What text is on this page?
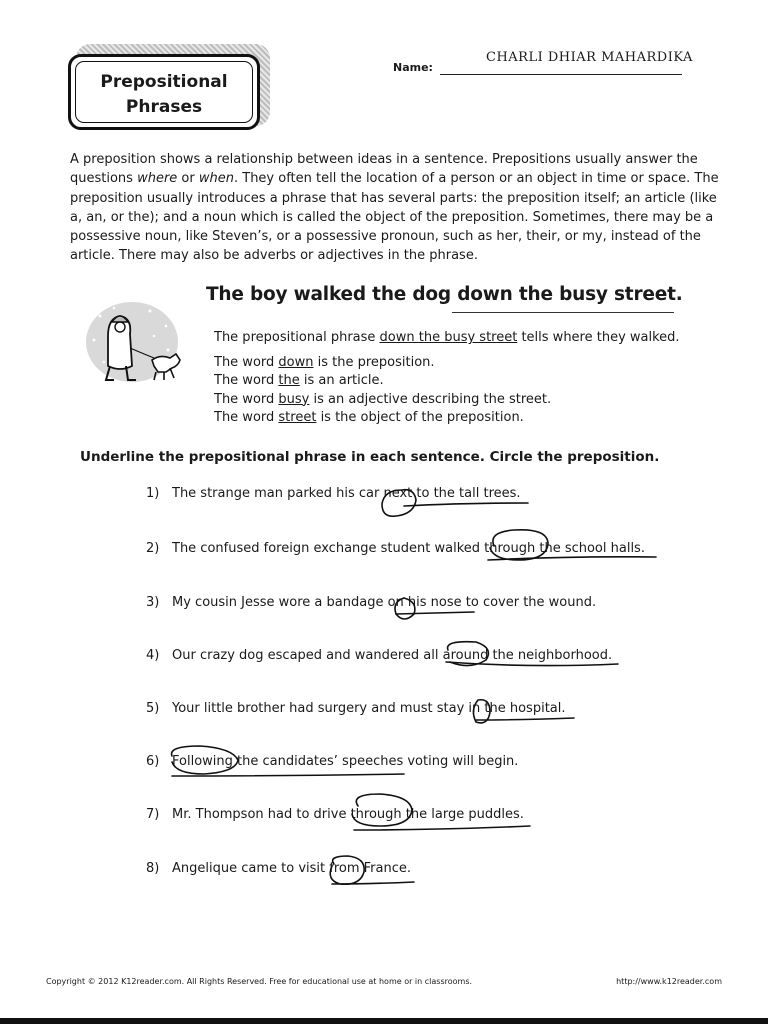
Prepositional
Phrases
Name:
CHARLI DHIAR MAHARDIKA

A preposition shows a relationship between ideas in a sentence. Prepositions usually answer the questions where or when. They often tell the location of a person or an object in time or space. The preposition usually introduces a phrase that has several parts: the preposition itself; an article (like a, an, or the); and a noun which is called the object of the preposition. Sometimes, there may be a possessive noun, like Steven’s, or a possessive pronoun, such as her, their, or my, instead of the article. There may also be adverbs or adjectives in the phrase.

The boy walked the dog down the busy street.
The prepositional phrase down the busy street tells where they walked.
The word down is the preposition.
The word the is an article.
The word busy is an adjective describing the street.
The word street is the object of the preposition.
Underline the prepositional phrase in each sentence. Circle the preposition.
1) The strange man parked his car next to the tall trees.
2) The confused foreign exchange student walked through the school halls.
3) My cousin Jesse wore a bandage on his nose to cover the wound.
4) Our crazy dog escaped and wandered all around the neighborhood.
5) Your little brother had surgery and must stay in the hospital.
6) Following the candidates’ speeches voting will begin.
7) Mr. Thompson had to drive through the large puddles.
8) Angelique came to visit from France.
Copyright © 2012 K12reader.com. All Rights Reserved. Free for educational use at home or in classrooms.	http://www.k12reader.com
